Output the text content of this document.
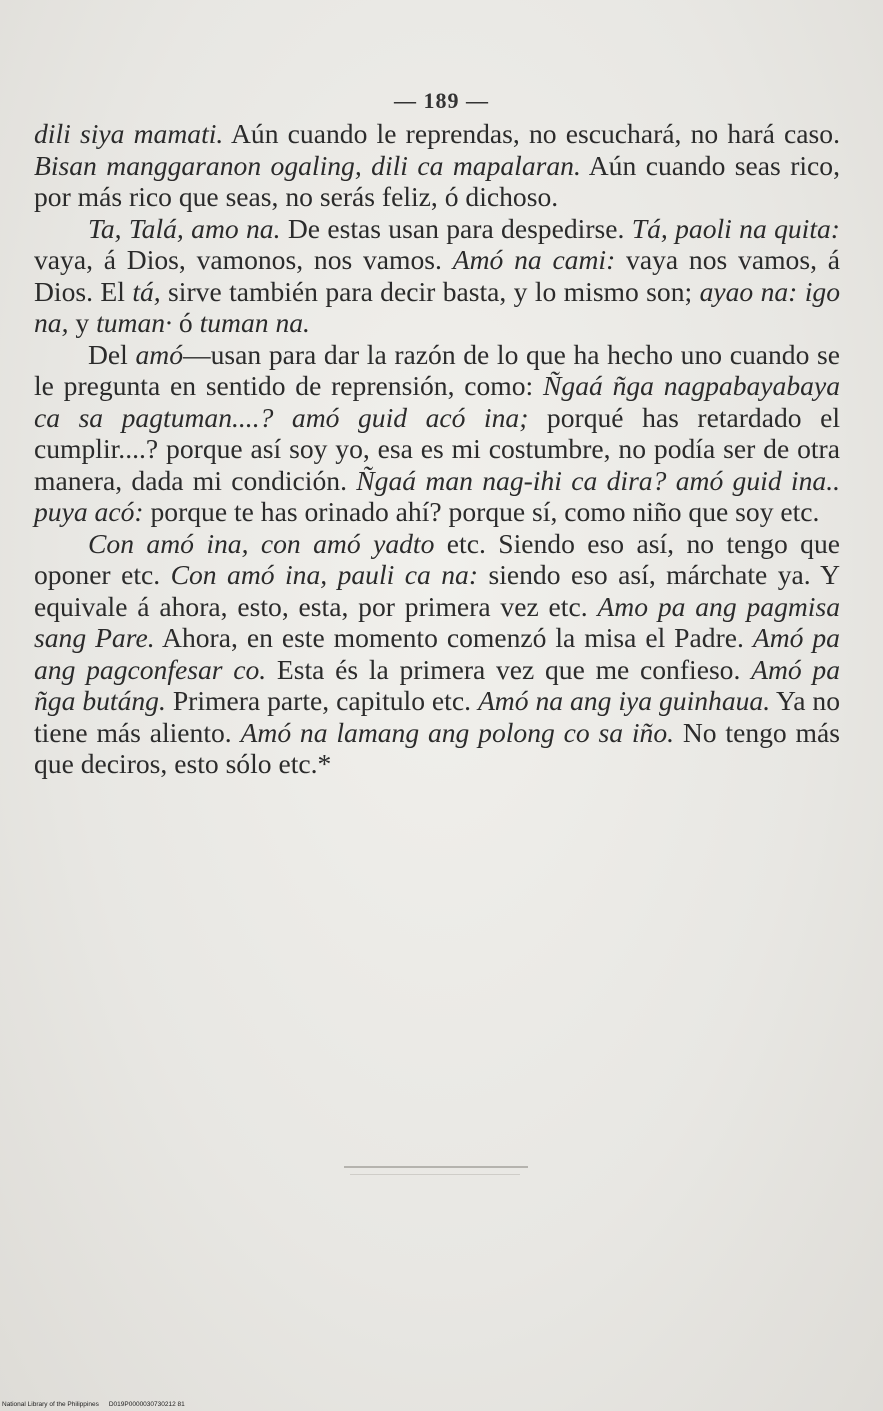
— 189 —

dili siya mamati. Aún cuando le reprendas, no escuchará, no hará caso. Bisan manggaranon ogaling, dili ca mapalaran. Aún cuando seas rico, por más rico que seas, no serás feliz, ó dichoso.

Ta, Talá, amo na. De estas usan para despedirse. Tá, paoli na quita: vaya, á Dios, vamonos, nos vamos. Amó na cami: vaya nos vamos, á Dios. El tá, sirve también para decir basta, y lo mismo son; ayao na: igo na, y tuman· ó tuman na.

Del amó—usan para dar la razón de lo que ha hecho uno cuando se le pregunta en sentido de reprensión, como: Ñgaá ñga nagpabayabaya ca sa pagtuman....? amó guid acó ina; porqué has retardado el cumplir....? porque así soy yo, esa es mi costumbre, no podía ser de otra manera, dada mi condición. Ñgaá man nag-ihi ca dira? amó guid ina.. puya acó: porque te has orinado ahí? porque sí, como niño que soy etc.

Con amó ina, con amó yadto etc. Siendo eso así, no tengo que oponer etc. Con amó ina, pauli ca na: siendo eso así, márchate ya. Y equivale á ahora, esto, esta, por primera vez etc. Amo pa ang pagmisa sang Pare. Ahora, en este momento comenzó la misa el Padre. Amó pa ang pagconfesar co. Esta és la primera vez que me confieso. Amó pa ñga butáng. Primera parte, capitulo etc. Amó na ang iya guinhaua. Ya no tiene más aliento. Amó na lamang ang polong co sa iño. No tengo más que deciros, esto sólo etc.*

National Library of the Philippines D019P0000030730212 81
